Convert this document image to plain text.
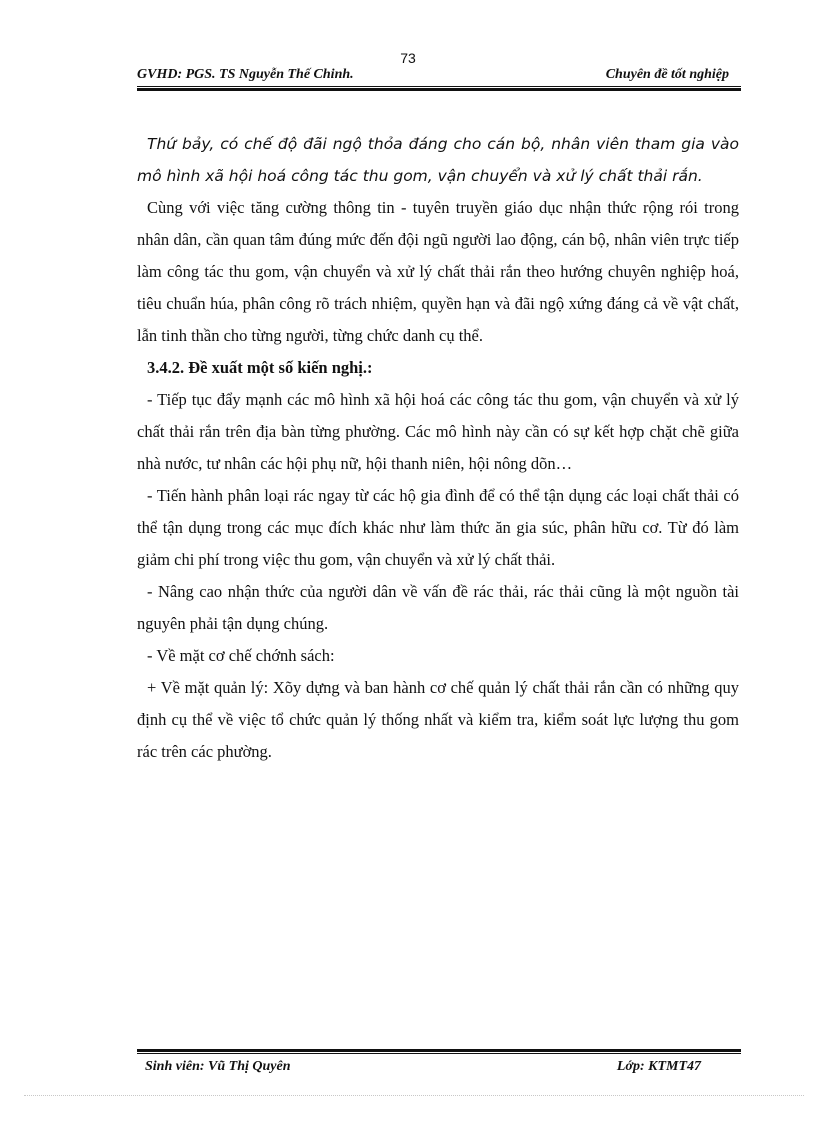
73
GVHD: PGS. TS Nguyễn Thế Chinh.	Chuyên đề tốt nghiệp

Thứ bảy, có chế độ đãi ngộ thỏa đáng cho cán bộ, nhân viên tham gia vào mô hình xã hội hoá công tác thu gom, vận chuyển và xử lý chất thải rắn.

Cùng với việc tăng cường thông tin - tuyên truyền giáo dục nhận thức rộng rói trong nhân dân, cần quan tâm đúng mức đến đội ngũ người lao động, cán bộ, nhân viên trực tiếp làm công tác thu gom, vận chuyển và xử lý chất thải rắn theo hướng chuyên nghiệp hoá, tiêu chuẩn húa, phân công rõ trách nhiệm, quyền hạn và đãi ngộ xứng đáng cả về vật chất, lẫn tinh thần cho từng người, từng chức danh cụ thể.

3.4.2. Đề xuất một số kiến nghị.:

- Tiếp tục đẩy mạnh các mô hình xã hội hoá các công tác thu gom, vận chuyển và xử lý chất thải rắn trên địa bàn từng phường. Các mô hình này cần có sự kết hợp chặt chẽ giữa nhà nước, tư nhân các hội phụ nữ, hội thanh niên, hội nông dõn…

- Tiến hành phân loại rác ngay từ các hộ gia đình để có thể tận dụng các loại chất thải có thể tận dụng trong các mục đích khác như làm thức ăn gia súc, phân hữu cơ. Từ đó làm giảm chi phí trong việc thu gom, vận chuyển và xử lý chất thải.

- Nâng cao nhận thức của người dân về vấn đề rác thải, rác thải cũng là một nguồn tài nguyên phải tận dụng chúng.

- Về mặt cơ chế chớnh sách:

+ Về mặt quản lý: Xõy dựng và ban hành cơ chế quản lý chất thải rắn cần có những quy định cụ thể về việc tổ chức quản lý thống nhất và kiểm tra, kiểm soát lực lượng thu gom rác trên các phường.

Sinh viên: Vũ Thị Quyên	Lớp: KTMT47
